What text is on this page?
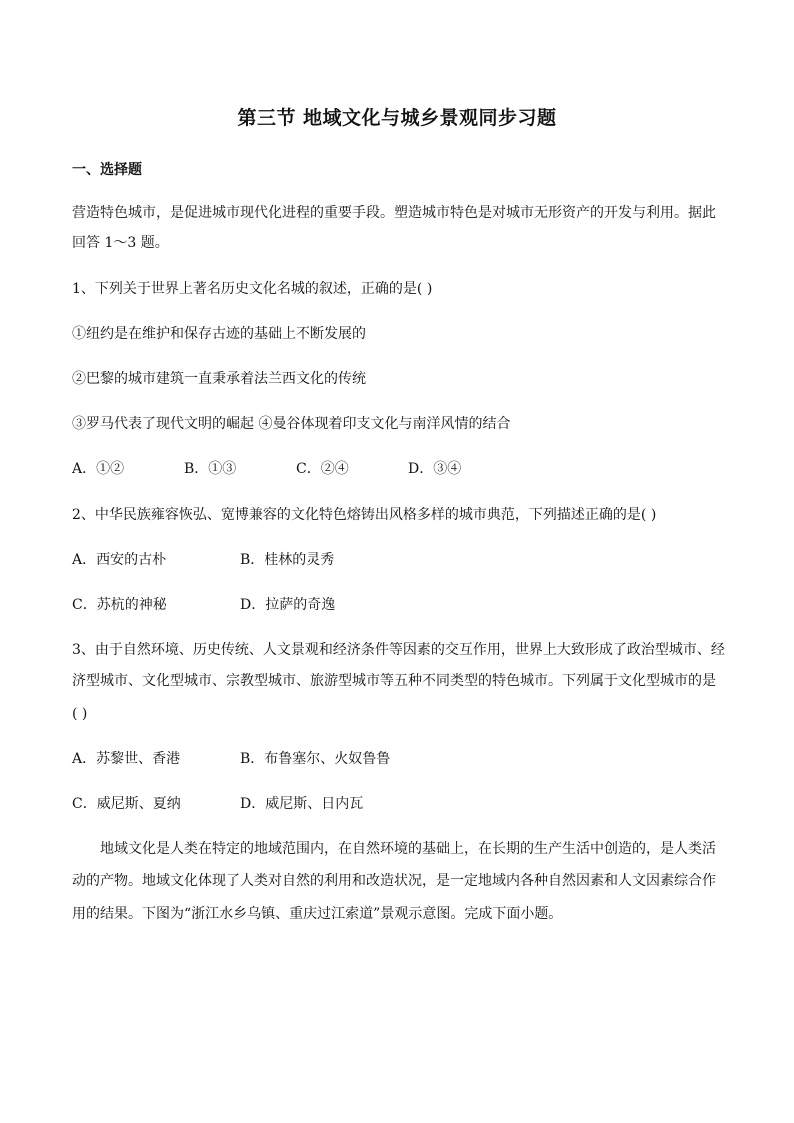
第三节 地域文化与城乡景观同步习题
一、选择题
营造特色城市，是促进城市现代化进程的重要手段。塑造城市特色是对城市无形资产的开发与利用。据此
回答 1～3 题。
1、下列关于世界上著名历史文化名城的叙述，正确的是( )
①纽约是在维护和保存古迹的基础上不断发展的
②巴黎的城市建筑一直秉承着法兰西文化的传统
③罗马代表了现代文明的崛起 ④曼谷体现着印支文化与南洋风情的结合
A．①②	B．①③	C．②④	D．③④
2、中华民族雍容恢弘、宽博兼容的文化特色熔铸出风格多样的城市典范，下列描述正确的是( )
A．西安的古朴	B．桂林的灵秀
C．苏杭的神秘	D．拉萨的奇逸
3、由于自然环境、历史传统、人文景观和经济条件等因素的交互作用，世界上大致形成了政治型城市、经
济型城市、文化型城市、宗教型城市、旅游型城市等五种不同类型的特色城市。下列属于文化型城市的是
( )
A．苏黎世、香港	B．布鲁塞尔、火奴鲁鲁
C．威尼斯、夏纳	D．威尼斯、日内瓦
地域文化是人类在特定的地域范围内，在自然环境的基础上，在长期的生产生活中创造的，是人类活
动的产物。地域文化体现了人类对自然的利用和改造状况，是一定地域内各种自然因素和人文因素综合作
用的结果。下图为“浙江水乡乌镇、重庆过江索道”景观示意图。完成下面小题。
